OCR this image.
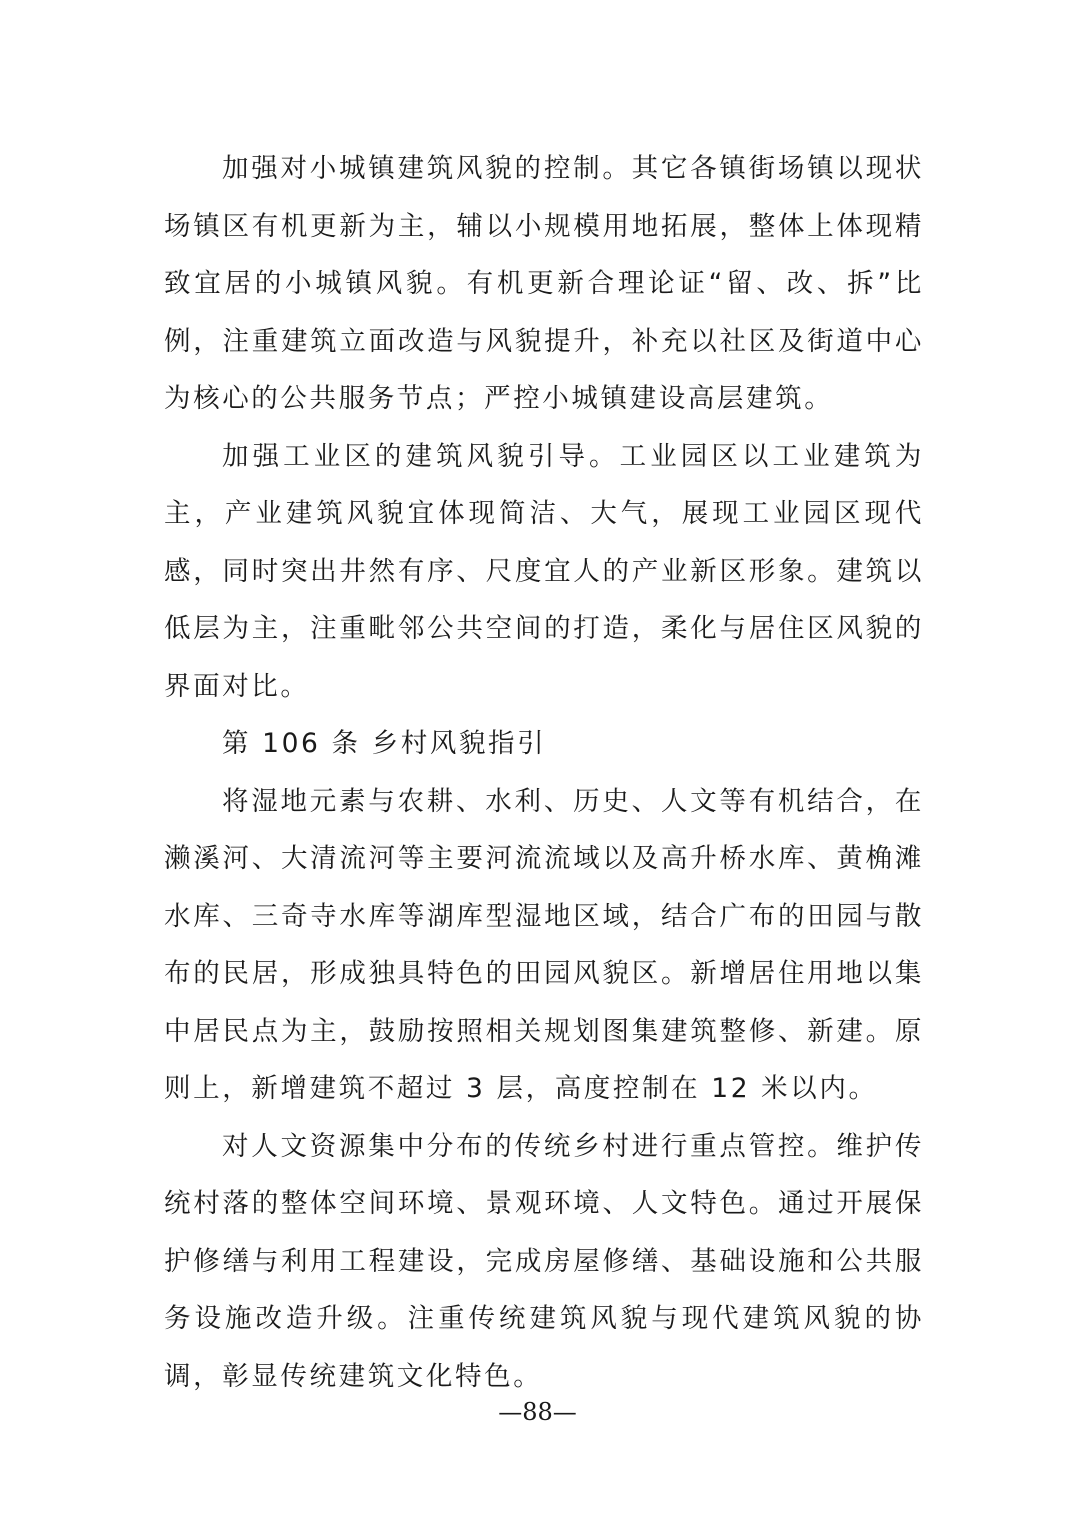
加强对小城镇建筑风貌的控制。其它各镇街场镇以现状场镇区有机更新为主，辅以小规模用地拓展，整体上体现精致宜居的小城镇风貌。有机更新合理论证“留、改、拆”比例，注重建筑立面改造与风貌提升，补充以社区及街道中心为核心的公共服务节点；严控小城镇建设高层建筑。

加强工业区的建筑风貌引导。工业园区以工业建筑为主，产业建筑风貌宜体现简洁、大气，展现工业园区现代感，同时突出井然有序、尺度宜人的产业新区形象。建筑以低层为主，注重毗邻公共空间的打造，柔化与居住区风貌的界面对比。

第 106 条 乡村风貌指引

将湿地元素与农耕、水利、历史、人文等有机结合，在濑溪河、大清流河等主要河流流域以及高升桥水库、黄桷滩水库、三奇寺水库等湖库型湿地区域，结合广布的田园与散布的民居，形成独具特色的田园风貌区。新增居住用地以集中居民点为主，鼓励按照相关规划图集建筑整修、新建。原则上，新增建筑不超过 3 层，高度控制在 12 米以内。

对人文资源集中分布的传统乡村进行重点管控。维护传统村落的整体空间环境、景观环境、人文特色。通过开展保护修缮与利用工程建设，完成房屋修缮、基础设施和公共服务设施改造升级。注重传统建筑风貌与现代建筑风貌的协调，彰显传统建筑文化特色。

—88—
